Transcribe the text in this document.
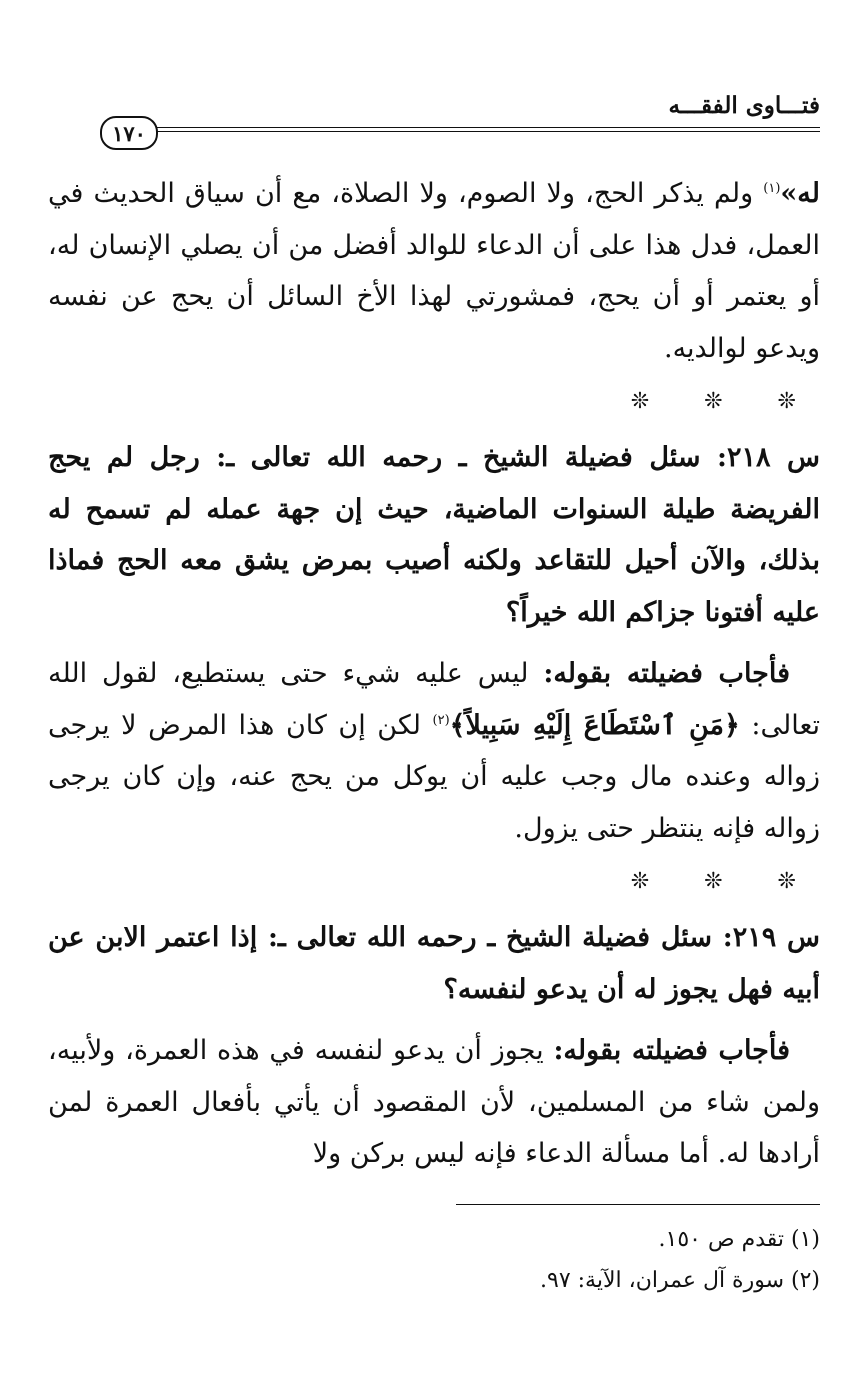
فتـــاوى الفقـــه
١٧٠

له»$^{(١)}$ ولم يذكر الحج، ولا الصوم، ولا الصلاة، مع أن سياق الحديث في العمل، فدل هذا على أن الدعاء للوالد أفضل من أن يصلي الإنسان له، أو يعتمر أو أن يحج، فمشورتي لهذا الأخ السائل أن يحج عن نفسه ويدعو لوالديه.

❊ ❊ ❊

س ٢١٨: سئل فضيلة الشيخ ـ رحمه الله تعالى ـ: رجل لم يحج الفريضة طيلة السنوات الماضية، حيث إن جهة عمله لم تسمح له بذلك، والآن أحيل للتقاعد ولكنه أصيب بمرض يشق معه الحج فماذا عليه أفتونا جزاكم الله خيراً؟

فأجاب فضيلته بقوله: ليس عليه شيء حتى يستطيع، لقول الله تعالى: ﴿مَنِ ٱسْتَطَاعَ إِلَيْهِ سَبِيلاً﴾$^{(٢)}$ لكن إن كان هذا المرض لا يرجى زواله وعنده مال وجب عليه أن يوكل من يحج عنه، وإن كان يرجى زواله فإنه ينتظر حتى يزول.

❊ ❊ ❊

س ٢١٩: سئل فضيلة الشيخ ـ رحمه الله تعالى ـ: إذا اعتمر الابن عن أبيه فهل يجوز له أن يدعو لنفسه؟

فأجاب فضيلته بقوله: يجوز أن يدعو لنفسه في هذه العمرة، ولأبيه، ولمن شاء من المسلمين، لأن المقصود أن يأتي بأفعال العمرة لمن أرادها له. أما مسألة الدعاء فإنه ليس بركن ولا

(١) تقدم ص ١٥٠.

(٢) سورة آل عمران، الآية: ٩٧.
